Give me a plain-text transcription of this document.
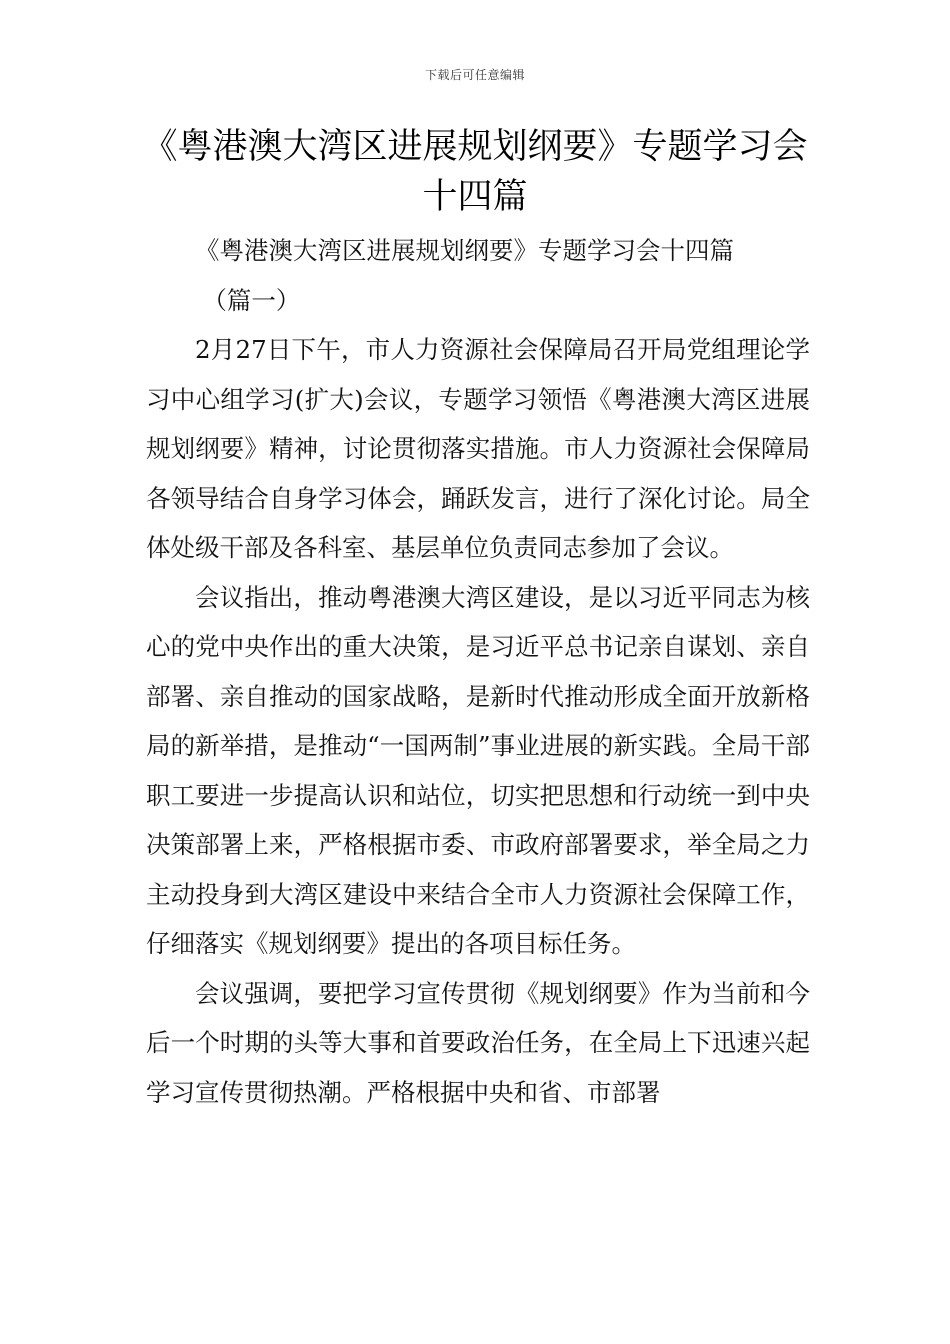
下载后可任意编辑
《粤港澳大湾区进展规划纲要》专题学习会十四篇

《粤港澳大湾区进展规划纲要》专题学习会十四篇

（篇一）

2月27日下午，市人力资源社会保障局召开局党组理论学习中心组学习(扩大)会议，专题学习领悟《粤港澳大湾区进展规划纲要》精神，讨论贯彻落实措施。市人力资源社会保障局各领导结合自身学习体会，踊跃发言，进行了深化讨论。局全体处级干部及各科室、基层单位负责同志参加了会议。

会议指出，推动粤港澳大湾区建设，是以习近平同志为核心的党中央作出的重大决策，是习近平总书记亲自谋划、亲自部署、亲自推动的国家战略，是新时代推动形成全面开放新格局的新举措，是推动“一国两制”事业进展的新实践。全局干部职工要进一步提高认识和站位，切实把思想和行动统一到中央决策部署上来，严格根据市委、市政府部署要求，举全局之力主动投身到大湾区建设中来结合全市人力资源社会保障工作，仔细落实《规划纲要》提出的各项目标任务。

会议强调，要把学习宣传贯彻《规划纲要》作为当前和今后一个时期的头等大事和首要政治任务，在全局上下迅速兴起学习宣传贯彻热潮。严格根据中央和省、市部署
